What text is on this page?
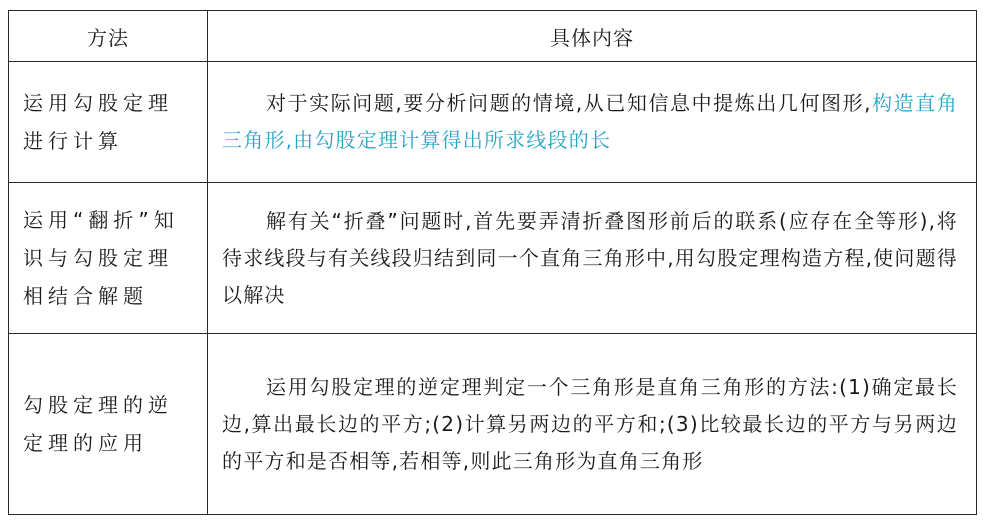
方法	具体内容
运用勾股定理进行计算	对于实际问题,要分析问题的情境,从已知信息中提炼出几何图形,构造直角三角形,由勾股定理计算得出所求线段的长
运用“翻折”知识与勾股定理相结合解题	解有关“折叠”问题时,首先要弄清折叠图形前后的联系(应存在全等形),将待求线段与有关线段归结到同一个直角三角形中,用勾股定理构造方程,使问题得以解决
勾股定理的逆定理的应用	运用勾股定理的逆定理判定一个三角形是直角三角形的方法:(1)确定最长边,算出最长边的平方;(2)计算另两边的平方和;(3)比较最长边的平方与另两边的平方和是否相等,若相等,则此三角形为直角三角形
